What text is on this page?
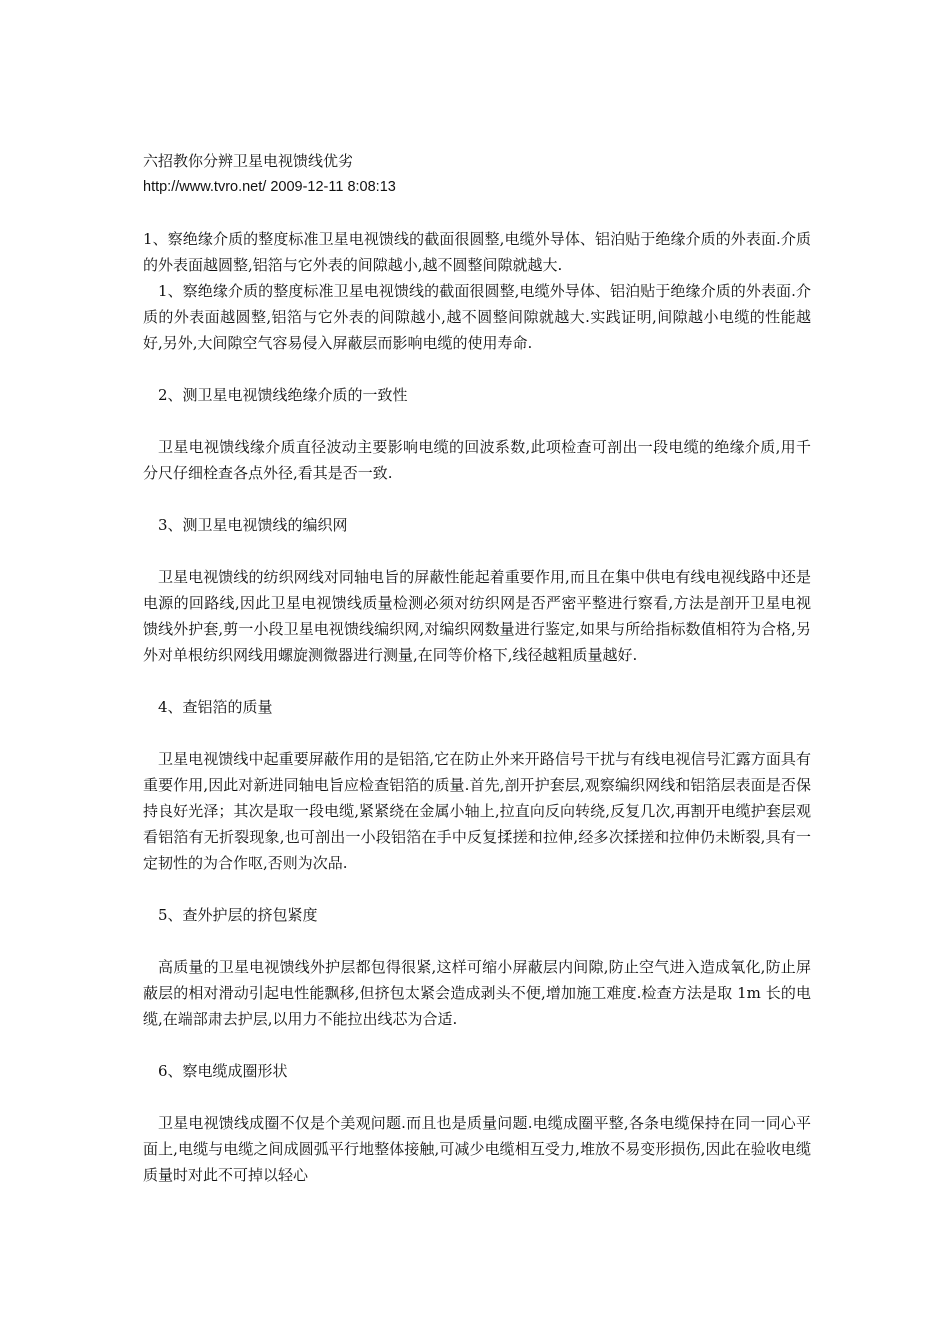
六招教你分辨卫星电视馈线优劣

http://www.tvro.net/ 2009-12-11 8:08:13

1、察绝缘介质的整度标准卫星电视馈线的截面很圆整,电缆外导体、铝泊贴于绝缘介质的外表面.介质的外表面越圆整,铝箔与它外表的间隙越小,越不圆整间隙就越大.

1、察绝缘介质的整度标准卫星电视馈线的截面很圆整,电缆外导体、铝泊贴于绝缘介质的外表面.介质的外表面越圆整,铝箔与它外表的间隙越小,越不圆整间隙就越大.实践证明,间隙越小电缆的性能越好,另外,大间隙空气容易侵入屏蔽层而影响电缆的使用寿命.

2、测卫星电视馈线绝缘介质的一致性

卫星电视馈线缘介质直径波动主要影响电缆的回波系数,此项检查可剖出一段电缆的绝缘介质,用千分尺仔细栓查各点外径,看其是否一致.

3、测卫星电视馈线的编织网

卫星电视馈线的纺织网线对同轴电旨的屏蔽性能起着重要作用,而且在集中供电有线电视线路中还是电源的回路线,因此卫星电视馈线质量检测必须对纺织网是否严密平整进行察看,方法是剖开卫星电视馈线外护套,剪一小段卫星电视馈线编织网,对编织网数量进行鉴定,如果与所给指标数值相符为合格,另外对单根纺织网线用螺旋测微器进行测量,在同等价格下,线径越粗质量越好.

4、查铝箔的质量

卫星电视馈线中起重要屏蔽作用的是铝箔,它在防止外来开路信号干扰与有线电视信号汇露方面具有重要作用,因此对新进同轴电旨应检查铝箔的质量.首先,剖开护套层,观察编织网线和铝箔层表面是否保持良好光泽；其次是取一段电缆,紧紧绕在金属小轴上,拉直向反向转绕,反复几次,再割开电缆护套层观看铝箔有无折裂现象,也可剖出一小段铝箔在手中反复揉搓和拉伸,经多次揉搓和拉伸仍未断裂,具有一定韧性的为合作呕,否则为次品.

5、查外护层的挤包紧度

高质量的卫星电视馈线外护层都包得很紧,这样可缩小屏蔽层内间隙,防止空气进入造成氧化,防止屏蔽层的相对滑动引起电性能飘移,但挤包太紧会造成剥头不便,增加施工难度.检查方法是取 1m 长的电缆,在端部肃去护层,以用力不能拉出线芯为合适.

6、察电缆成圈形状

卫星电视馈线成圈不仅是个美观问题.而且也是质量问题.电缆成圈平整,各条电缆保持在同一同心平面上,电缆与电缆之间成圆弧平行地整体接触,可减少电缆相互受力,堆放不易变形损伤,因此在验收电缆质量时对此不可掉以轻心
